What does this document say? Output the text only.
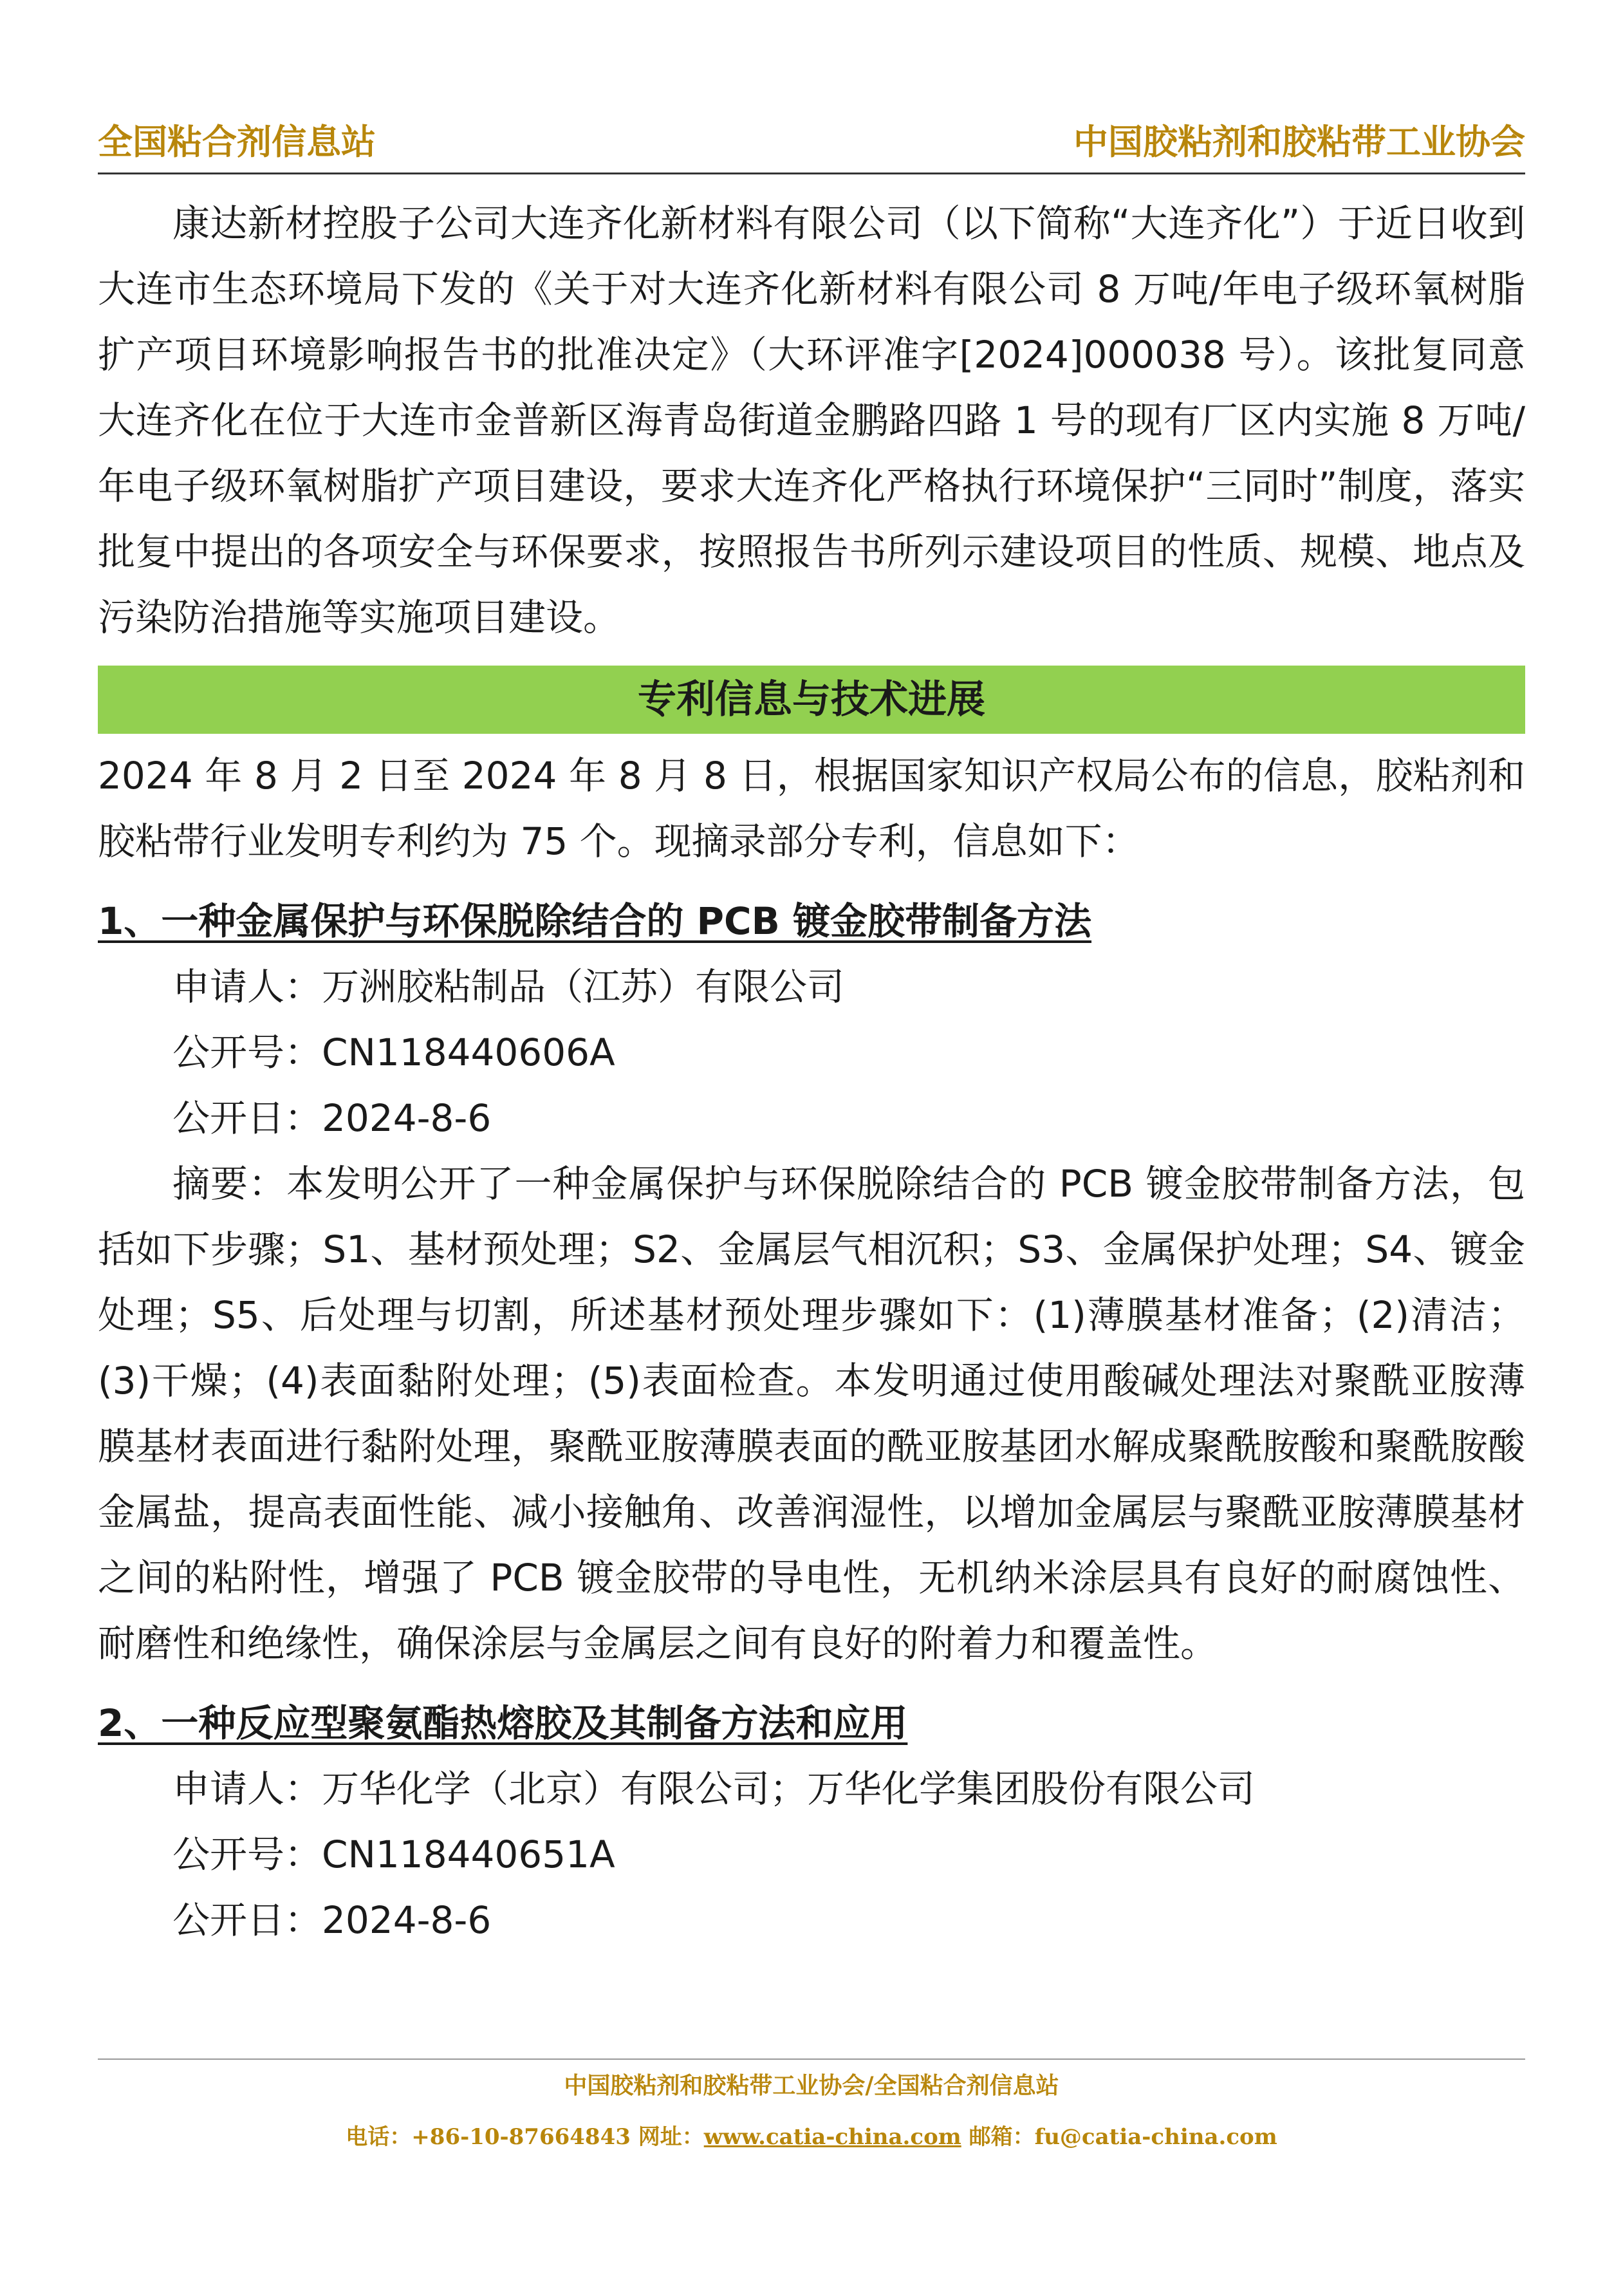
全国粘合剂信息站	中国胶粘剂和胶粘带工业协会

康达新材控股子公司大连齐化新材料有限公司（以下简称“大连齐化”）于近日收到大连市生态环境局下发的《关于对大连齐化新材料有限公司 8 万吨/年电子级环氧树脂扩产项目环境影响报告书的批准决定》（大环评准字[2024]000038 号）。该批复同意大连齐化在位于大连市金普新区海青岛街道金鹏路四路 1 号的现有厂区内实施 8 万吨/年电子级环氧树脂扩产项目建设，要求大连齐化严格执行环境保护“三同时”制度，落实批复中提出的各项安全与环保要求，按照报告书所列示建设项目的性质、规模、地点及污染防治措施等实施项目建设。

专利信息与技术进展

2024 年 8 月 2 日至 2024 年 8 月 8 日，根据国家知识产权局公布的信息，胶粘剂和胶粘带行业发明专利约为 75 个。现摘录部分专利，信息如下：

1、一种金属保护与环保脱除结合的 PCB 镀金胶带制备方法

申请人：万洲胶粘制品（江苏）有限公司

公开号：CN118440606A

公开日：2024-8-6

摘要：本发明公开了一种金属保护与环保脱除结合的 PCB 镀金胶带制备方法，包括如下步骤；S1、基材预处理；S2、金属层气相沉积；S3、金属保护处理；S4、镀金处理；S5、后处理与切割，所述基材预处理步骤如下：(1)薄膜基材准备；(2)清洁；(3)干燥；(4)表面黏附处理；(5)表面检查。本发明通过使用酸碱处理法对聚酰亚胺薄膜基材表面进行黏附处理，聚酰亚胺薄膜表面的酰亚胺基团水解成聚酰胺酸和聚酰胺酸金属盐，提高表面性能、减小接触角、改善润湿性，以增加金属层与聚酰亚胺薄膜基材之间的粘附性，增强了 PCB 镀金胶带的导电性，无机纳米涂层具有良好的耐腐蚀性、耐磨性和绝缘性，确保涂层与金属层之间有良好的附着力和覆盖性。

2、一种反应型聚氨酯热熔胶及其制备方法和应用

申请人：万华化学（北京）有限公司；万华化学集团股份有限公司

公开号：CN118440651A

公开日：2024-8-6

中国胶粘剂和胶粘带工业协会/全国粘合剂信息站
电话：+86-10-87664843 网址：www.catia-china.com 邮箱：fu@catia-china.com
